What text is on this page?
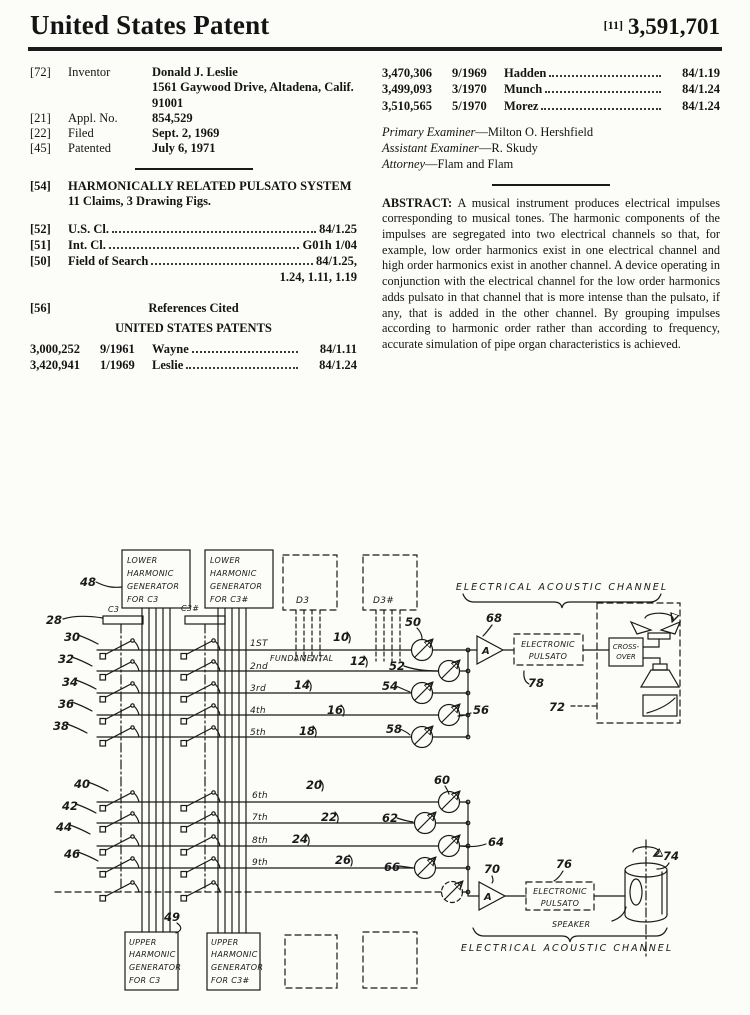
United States Patent	[11] 3,591,701
[72]	Inventor	Donald J. Leslie
1561 Gaywood Drive, Altadena, Calif.
91001
[21]	Appl. No.	854,529
[22]	Filed	Sept. 2, 1969
[45]	Patented	July 6, 1971
[54]	HARMONICALLY RELATED PULSATO SYSTEM
11 Claims, 3 Drawing Figs.
[52]	U.S. Cl.	84/1.25
[51]	Int. Cl.	G01h 1/04
[50]	Field of Search	84/1.25,
1.24, 1.11, 1.19
[56]	References Cited
UNITED STATES PATENTS
3,000,252	9/1961	Wayne	84/1.11
3,420,941	1/1969	Leslie	84/1.24
3,470,306	9/1969	Hadden	84/1.19
3,499,093	3/1970	Munch	84/1.24
3,510,565	5/1970	Morez	84/1.24
Primary Examiner—Milton O. Hershfield
Assistant Examiner—R. Skudy
Attorney—Flam and Flam

ABSTRACT: A musical instrument produces electrical impulses corresponding to musical tones. The harmonic components of the impulses are segregated into two electrical channels so that, for example, low order harmonics exist in one electrical channel and high order harmonics exist in another channel. A device operating in conjunction with the electrical channel for the low order harmonics adds pulsato in that channel that is more intense than the pulsato, if any, that is added in the other channel. By grouping impulses according to harmonic order rather than according to frequency, accurate simulation of pipe organ characteristics is achieved.

LOWER
HARMONIC
GENERATOR
FOR C3
LOWER
HARMONIC
GENERATOR
FOR C3#
48
D3	D3#
C3	C3#
28
1ST
FUNDAMENTAL
2nd
3rd
4th
5th
10
12
14
16
18
30
32
34
36
38
50
52
54
56
58
A
68
ELECTRONIC
PULSATO
78
CROSS-
OVER
72
ELECTRICAL ACOUSTIC CHANNEL
6th
7th
8th
9th
20
22
24
26
40
42
44
46
60
62
64
66
A
70
ELECTRONIC
PULSATO
76
74
SPEAKER
ELECTRICAL ACOUSTIC CHANNEL
49
UPPER
HARMONIC
GENERATOR
FOR C3
UPPER
HARMONIC
GENERATOR
FOR C3#
